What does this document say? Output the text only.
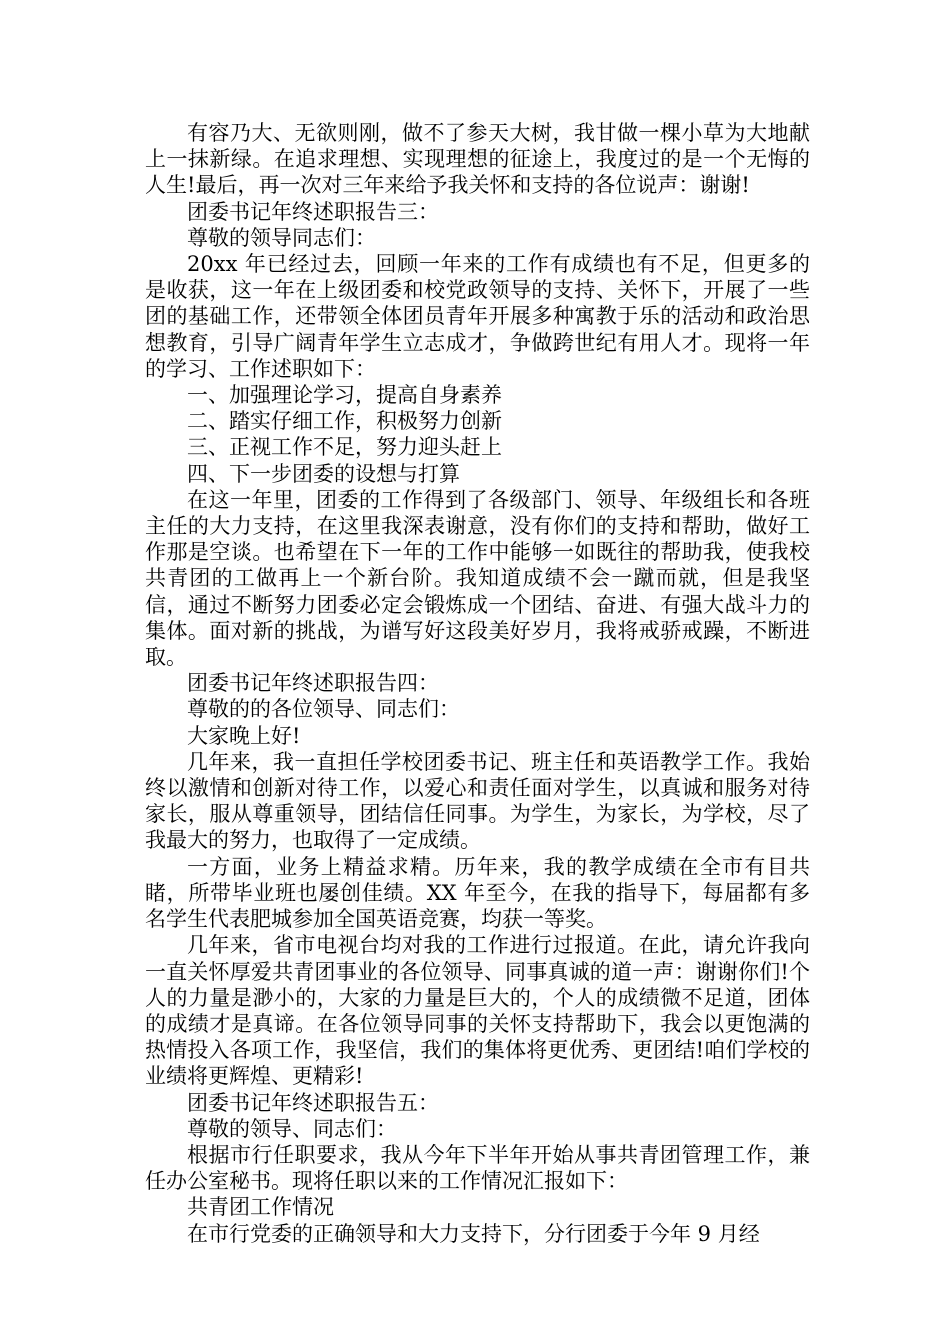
有容乃大、无欲则刚，做不了参天大树，我甘做一棵小草为大地献上一抹新绿。在追求理想、实现理想的征途上，我度过的是一个无悔的人生!最后，再一次对三年来给予我关怀和支持的各位说声：谢谢!

团委书记年终述职报告三：

尊敬的领导同志们：

20xx 年已经过去，回顾一年来的工作有成绩也有不足，但更多的是收获，这一年在上级团委和校党政领导的支持、关怀下，开展了一些团的基础工作，还带领全体团员青年开展多种寓教于乐的活动和政治思想教育，引导广阔青年学生立志成才，争做跨世纪有用人才。现将一年的学习、工作述职如下：

一、加强理论学习，提高自身素养

二、踏实仔细工作，积极努力创新

三、正视工作不足，努力迎头赶上

四、下一步团委的设想与打算

在这一年里，团委的工作得到了各级部门、领导、年级组长和各班主任的大力支持，在这里我深表谢意，没有你们的支持和帮助，做好工作那是空谈。也希望在下一年的工作中能够一如既往的帮助我，使我校共青团的工做再上一个新台阶。我知道成绩不会一蹴而就，但是我坚信，通过不断努力团委必定会锻炼成一个团结、奋进、有强大战斗力的集体。面对新的挑战，为谱写好这段美好岁月，我将戒骄戒躁，不断进取。

团委书记年终述职报告四：

尊敬的的各位领导、同志们：

大家晚上好!

几年来，我一直担任学校团委书记、班主任和英语教学工作。我始终以激情和创新对待工作，以爱心和责任面对学生，以真诚和服务对待家长，服从尊重领导，团结信任同事。为学生，为家长，为学校，尽了我最大的努力，也取得了一定成绩。

一方面，业务上精益求精。历年来，我的教学成绩在全市有目共睹，所带毕业班也屡创佳绩。XX 年至今，在我的指导下，每届都有多名学生代表肥城参加全国英语竞赛，均获一等奖。

几年来，省市电视台均对我的工作进行过报道。在此，请允许我向一直关怀厚爱共青团事业的各位领导、同事真诚的道一声：谢谢你们!个人的力量是渺小的，大家的力量是巨大的，个人的成绩微不足道，团体的成绩才是真谛。在各位领导同事的关怀支持帮助下，我会以更饱满的热情投入各项工作，我坚信，我们的集体将更优秀、更团结!咱们学校的业绩将更辉煌、更精彩!

团委书记年终述职报告五：

尊敬的领导、同志们：

根据市行任职要求，我从今年下半年开始从事共青团管理工作，兼任办公室秘书。现将任职以来的工作情况汇报如下：

共青团工作情况

在市行党委的正确领导和大力支持下，分行团委于今年 9 月经
